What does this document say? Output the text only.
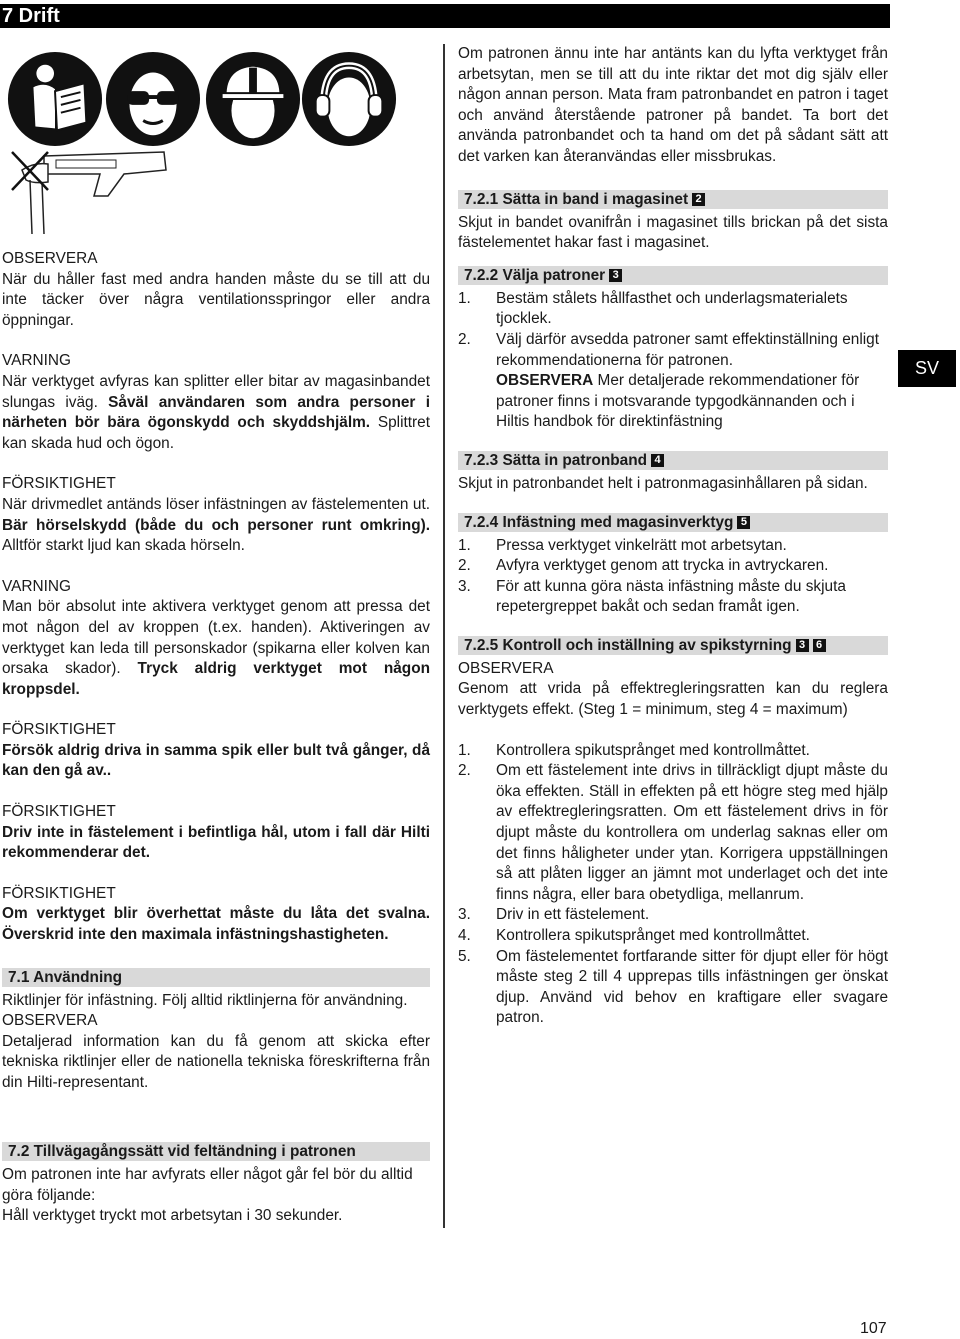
7 Drift

OBSERVERA
När du håller fast med andra handen måste du se till att du inte täcker över några ventilationsspringor eller andra öppningar.

VARNING
När verktyget avfyras kan splitter eller bitar av magasinbandet slungas iväg. Såväl användaren som andra personer i närheten bör bära ögonskydd och skyddshjälm. Splittret kan skada hud och ögon.

FÖRSIKTIGHET
När drivmedlet antänds löser infästningen av fästelementen ut. Bär hörselskydd (både du och personer runt omkring). Alltför starkt ljud kan skada hörseln.

VARNING
Man bör absolut inte aktivera verktyget genom att pressa det mot någon del av kroppen (t.ex. handen). Aktiveringen av verktyget kan leda till personskador (spikarna eller kolven kan orsaka skador). Tryck aldrig verktyget mot någon kroppsdel.

FÖRSIKTIGHET
Försök aldrig driva in samma spik eller bult två gånger, då kan den gå av..

FÖRSIKTIGHET
Driv inte in fästelement i befintliga hål, utom i fall där Hilti rekommenderar det.

FÖRSIKTIGHET
Om verktyget blir överhettat måste du låta det svalna. Överskrid inte den maximala infästningshastigheten.

7.1 Användning

Riktlinjer för infästning. Följ alltid riktlinjerna för användning.

OBSERVERA
Detaljerad information kan du få genom att skicka efter tekniska riktlinjer eller de nationella tekniska föreskrifterna från din Hilti-representant.

7.2 Tillvägagångssätt vid feltändning i patronen

Om patronen inte har avfyrats eller något går fel bör du alltid göra följande:

Håll verktyget tryckt mot arbetsytan i 30 sekunder.

Om patronen ännu inte har antänts kan du lyfta verktyget från arbetsytan, men se till att du inte riktar det mot dig själv eller någon annan person. Mata fram patronbandet en patron i taget och använd återstående patroner på bandet. Ta bort det använda patronbandet och ta hand om det på sådant sätt att det varken kan återanvändas eller missbrukas.

7.2.1 Sätta in band i magasinet 2

Skjut in bandet ovanifrån i magasinet tills brickan på det sista fästelementet hakar fast i magasinet.

7.2.2 Välja patroner 3
1. Bestäm stålets hållfasthet och underlagsmaterialets tjocklek.
2. Välj därför avsedda patroner samt effektinställning enligt rekommendationerna för patronen.
OBSERVERA Mer detaljerade rekommendationer för patroner finns i motsvarande typgodkännanden och i Hiltis handbok för direktinfästning
7.2.3 Sätta in patronband 4

Skjut in patronbandet helt i patronmagasinhållaren på sidan.

7.2.4 Infästning med magasinverktyg 5
1. Pressa verktyget vinkelrätt mot arbetsytan.
2. Avfyra verktyget genom att trycka in avtryckaren.
3. För att kunna göra nästa infästning måste du skjuta repetergreppet bakåt och sedan framåt igen.
7.2.5 Kontroll och inställning av spikstyrning 3 6

OBSERVERA
Genom att vrida på effektregleringsratten kan du reglera verktygets effekt. (Steg 1 = minimum, steg 4 = maximum)

1. Kontrollera spikutsprånget med kontrollmåttet.
2. Om ett fästelement inte drivs in tillräckligt djupt måste du öka effekten. Ställ in effekten på ett högre steg med hjälp av effektregleringsratten. Om ett fästelement drivs in för djupt måste du kontrollera om underlag saknas eller om det finns håligheter under ytan. Korrigera uppställningen så att plåten ligger an jämnt mot underlaget och det inte finns några, eller bara obetydliga, mellanrum.
3. Driv in ett fästelement.
4. Kontrollera spikutsprånget med kontrollmåttet.
5. Om fästelementet fortfarande sitter för djupt eller för högt måste steg 2 till 4 upprepas tills infästningen ger önskat djup. Använd vid behov en kraftigare eller svagare patron.
SV
107
